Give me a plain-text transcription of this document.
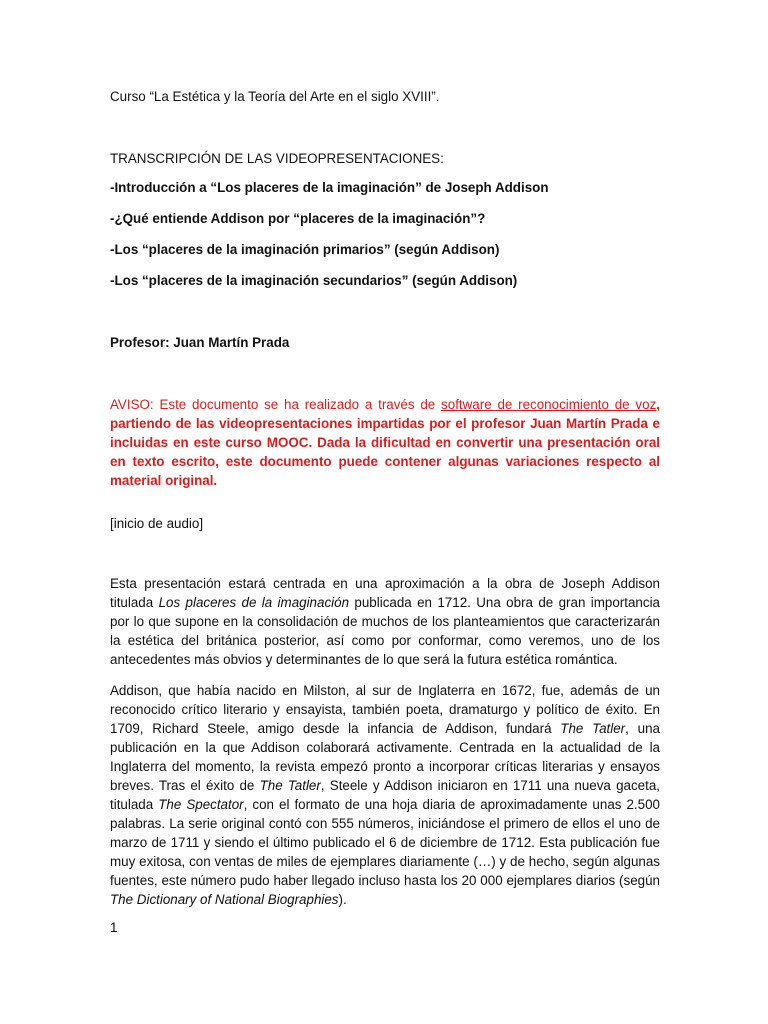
Curso “La Estética y la Teoría del Arte en el siglo XVIII”.

TRANSCRIPCIÓN DE LAS VIDEOPRESENTACIONES:

-Introducción a “Los placeres de la imaginación” de Joseph Addison

-¿Qué entiende Addison por “placeres de la imaginación”?

-Los “placeres de la imaginación primarios” (según Addison)

-Los “placeres de la imaginación secundarios” (según Addison)

Profesor: Juan Martín Prada

AVISO: Este documento se ha realizado a través de software de reconocimiento de voz, partiendo de las videopresentaciones impartidas por el profesor Juan Martín Prada e incluidas en este curso MOOC. Dada la dificultad en convertir una presentación oral en texto escrito, este documento puede contener algunas variaciones respecto al material original.

[inicio de audio]

Esta presentación estará centrada en una aproximación a la obra de Joseph Addison titulada Los placeres de la imaginación publicada en 1712. Una obra de gran importancia por lo que supone en la consolidación de muchos de los planteamientos que caracterizarán la estética del británica posterior, así como por conformar, como veremos, uno de los antecedentes más obvios y determinantes de lo que será la futura estética romántica.

Addison, que había nacido en Milston, al sur de Inglaterra en 1672, fue, además de un reconocido crítico literario y ensayista, también poeta, dramaturgo y político de éxito. En 1709, Richard Steele, amigo desde la infancia de Addison, fundará The Tatler, una publicación en la que Addison colaborará activamente. Centrada en la actualidad de la Inglaterra del momento, la revista empezó pronto a incorporar críticas literarias y ensayos breves. Tras el éxito de The Tatler, Steele y Addison iniciaron en 1711 una nueva gaceta, titulada The Spectator, con el formato de una hoja diaria de aproximadamente unas 2.500 palabras. La serie original contó con 555 números, iniciándose el primero de ellos el uno de marzo de 1711 y siendo el último publicado el 6 de diciembre de 1712. Esta publicación fue muy exitosa, con ventas de miles de ejemplares diariamente (…) y de hecho, según algunas fuentes, este número pudo haber llegado incluso hasta los 20 000 ejemplares diarios (según The Dictionary of National Biographies).

1
